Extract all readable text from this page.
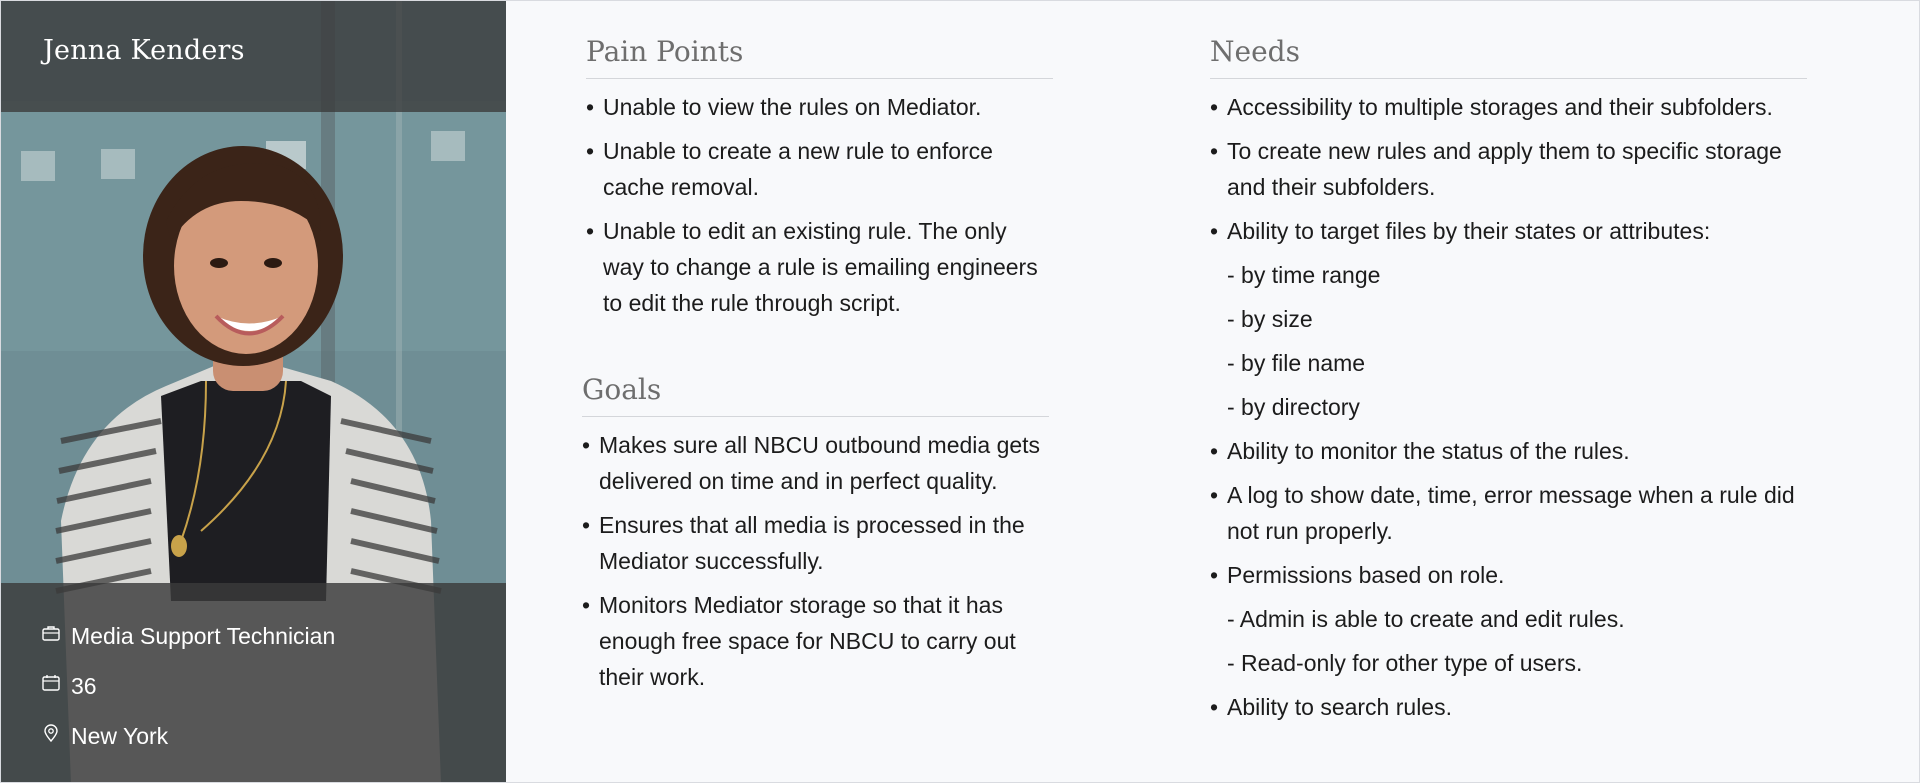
Jenna Kenders
Media Support Technician
36
New York
Pain Points
• Unable to view the rules on Mediator.
• Unable to create a new rule to enforce cache removal.
• Unable to edit an existing rule. The only way to change a rule is emailing engineers to edit the rule through script.
Goals
• Makes sure all NBCU outbound media gets delivered on time and in perfect quality.
• Ensures that all media is processed in the Mediator successfully.
• Monitors Mediator storage so that it has enough free space for NBCU to carry out their work.
Needs
• Accessibility to multiple storages and their subfolders.
• To create new rules and apply them to specific storage and their subfolders.
• Ability to target files by their states or attributes:
- by time range
- by size
- by file name
- by directory
• Ability to monitor the status of the rules.
• A log to show date, time, error message when a rule did not run properly.
• Permissions based on role.
- Admin is able to create and edit rules.
- Read-only for other type of users.
• Ability to search rules.
